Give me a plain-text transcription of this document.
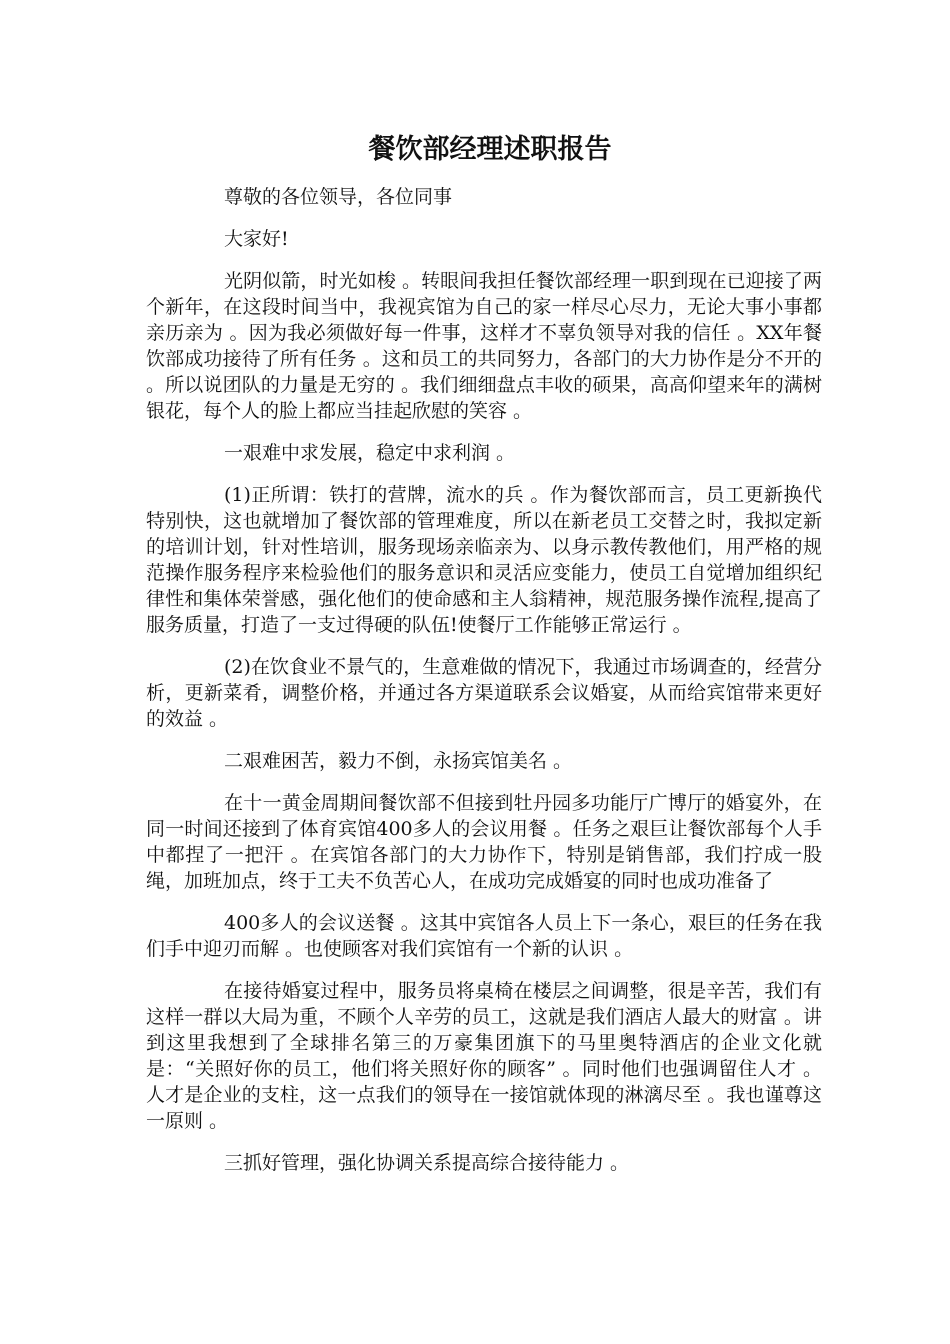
餐饮部经理述职报告

尊敬的各位领导，各位同事

大家好!

光阴似箭，时光如梭 。转眼间我担任餐饮部经理一职到现在已迎接了两个新年，在这段时间当中，我视宾馆为自己的家一样尽心尽力，无论大事小事都亲历亲为 。因为我必须做好每一件事，这样才不辜负领导对我的信任 。XX年餐饮部成功接待了所有任务 。这和员工的共同努力，各部门的大力协作是分不开的 。所以说团队的力量是无穷的 。我们细细盘点丰收的硕果，高高仰望来年的满树银花，每个人的脸上都应当挂起欣慰的笑容 。

一艰难中求发展，稳定中求利润 。

(1)正所谓：铁打的营牌，流水的兵 。作为餐饮部而言，员工更新换代特别快，这也就增加了餐饮部的管理难度，所以在新老员工交替之时，我拟定新的培训计划，针对性培训，服务现场亲临亲为、以身示教传教他们，用严格的规范操作服务程序来检验他们的服务意识和灵活应变能力，使员工自觉增加组织纪律性和集体荣誉感，强化他们的使命感和主人翁精神，规范服务操作流程,提高了服务质量，打造了一支过得硬的队伍!使餐厅工作能够正常运行 。

(2)在饮食业不景气的，生意难做的情况下，我通过市场调查的，经营分析，更新菜肴，调整价格，并通过各方渠道联系会议婚宴，从而给宾馆带来更好的效益 。

二艰难困苦，毅力不倒，永扬宾馆美名 。

在十一黄金周期间餐饮部不但接到牡丹园多功能厅广博厅的婚宴外，在同一时间还接到了体育宾馆400多人的会议用餐 。任务之艰巨让餐饮部每个人手中都捏了一把汗 。在宾馆各部门的大力协作下，特别是销售部，我们拧成一股绳，加班加点，终于工夫不负苦心人，在成功完成婚宴的同时也成功准备了

400多人的会议送餐 。这其中宾馆各人员上下一条心，艰巨的任务在我们手中迎刃而解 。也使顾客对我们宾馆有一个新的认识 。

在接待婚宴过程中，服务员将桌椅在楼层之间调整，很是辛苦，我们有这样一群以大局为重，不顾个人辛劳的员工，这就是我们酒店人最大的财富 。讲到这里我想到了全球排名第三的万豪集团旗下的马里奥特酒店的企业文化就是：“关照好你的员工，他们将关照好你的顾客” 。同时他们也强调留住人才 。人才是企业的支柱，这一点我们的领导在一接馆就体现的淋漓尽至 。我也谨尊这一原则 。

三抓好管理，强化协调关系提高综合接待能力 。
